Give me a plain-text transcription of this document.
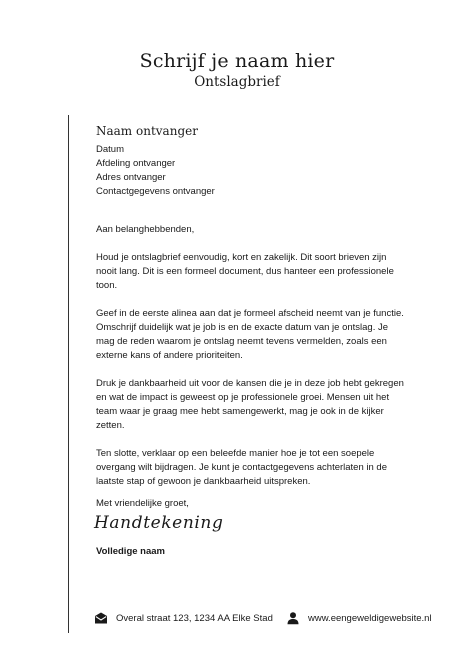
Schrijf je naam hier
Ontslagbrief
Naam ontvanger
Datum
Afdeling ontvanger
Adres ontvanger
Contactgegevens ontvanger
Aan belanghebbenden,

Houd je ontslagbrief eenvoudig, kort en zakelijk. Dit soort brieven zijn nooit lang. Dit is een formeel document, dus hanteer een professionele toon.

Geef in de eerste alinea aan dat je formeel afscheid neemt van je functie. Omschrijf duidelijk wat je job is en de exacte datum van je ontslag. Je mag de reden waarom je ontslag neemt tevens vermelden, zoals een externe kans of andere prioriteiten.

Druk je dankbaarheid uit voor de kansen die je in deze job hebt gekregen en wat de impact is geweest op je professionele groei. Mensen uit het team waar je graag mee hebt samengewerkt, mag je ook in de kijker zetten.

Ten slotte, verklaar op een beleefde manier hoe je tot een soepele overgang wilt bijdragen. Je kunt je contactgegevens achterlaten in de laatste stap of gewoon je dankbaarheid uitspreken.

Met vriendelijke groet,
Handtekening
Volledige naam
Overal straat 123, 1234 AA Elke Stad	www.eengeweldigewebsite.nl
